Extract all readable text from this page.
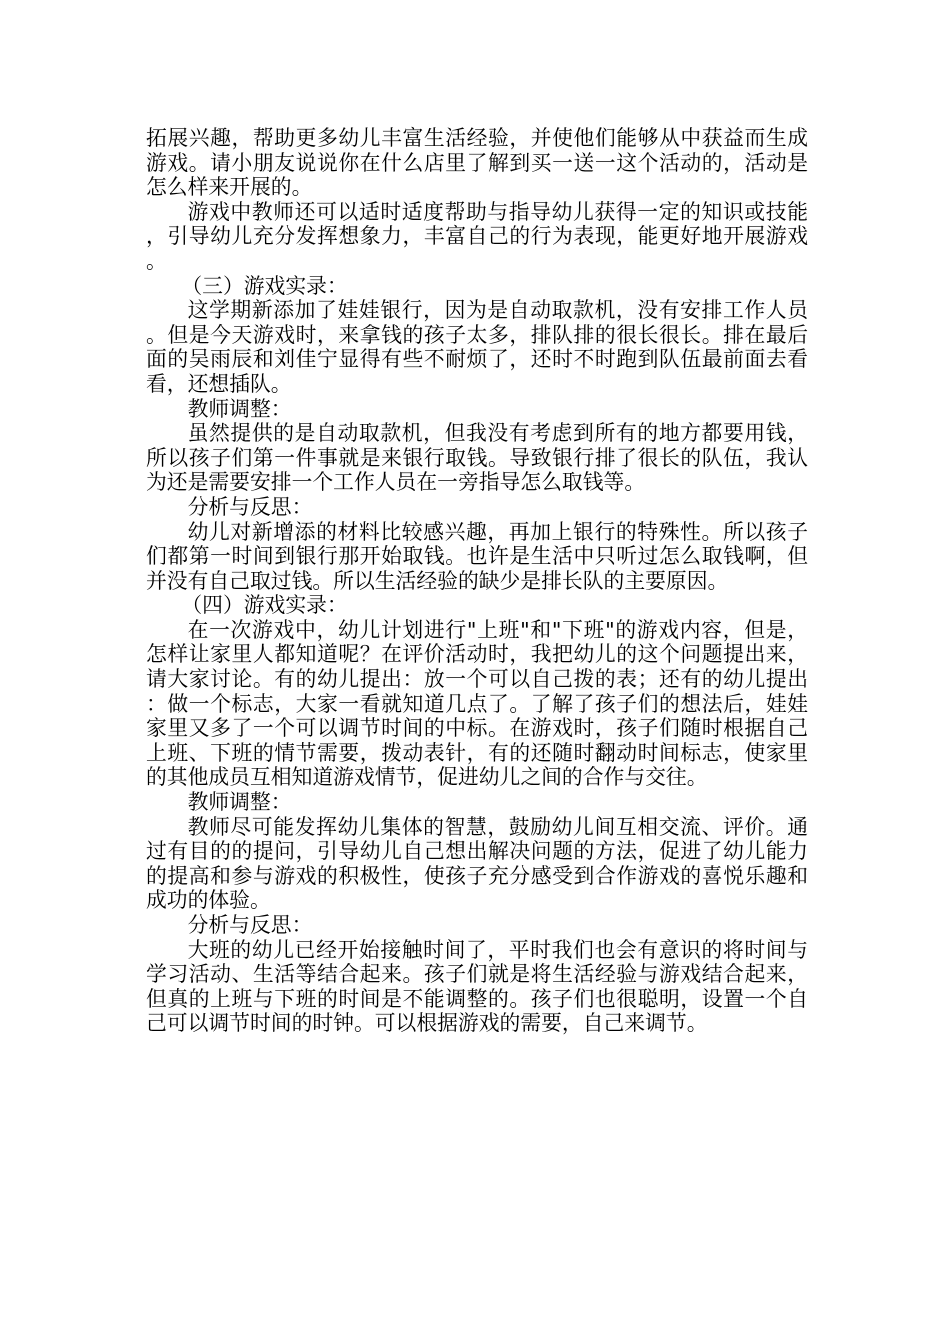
拓展兴趣，帮助更多幼儿丰富生活经验，并使他们能够从中获益而生成游戏。请小朋友说说你在什么店里了解到买一送一这个活动的，活动是怎么样来开展的。

游戏中教师还可以适时适度帮助与指导幼儿获得一定的知识或技能，引导幼儿充分发挥想象力，丰富自己的行为表现，能更好地开展游戏。

（三）游戏实录：

这学期新添加了娃娃银行，因为是自动取款机，没有安排工作人员。但是今天游戏时，来拿钱的孩子太多，排队排的很长很长。排在最后面的吴雨辰和刘佳宁显得有些不耐烦了，还时不时跑到队伍最前面去看看，还想插队。

教师调整：

虽然提供的是自动取款机，但我没有考虑到所有的地方都要用钱，所以孩子们第一件事就是来银行取钱。导致银行排了很长的队伍，我认为还是需要安排一个工作人员在一旁指导怎么取钱等。

分析与反思：

幼儿对新增添的材料比较感兴趣，再加上银行的特殊性。所以孩子们都第一时间到银行那开始取钱。也许是生活中只听过怎么取钱啊，但并没有自己取过钱。所以生活经验的缺少是排长队的主要原因。

（四）游戏实录：

在一次游戏中，幼儿计划进行"上班"和"下班"的游戏内容，但是，怎样让家里人都知道呢？在评价活动时，我把幼儿的这个问题提出来，请大家讨论。有的幼儿提出：放一个可以自己拨的表；还有的幼儿提出：做一个标志，大家一看就知道几点了。了解了孩子们的想法后，娃娃家里又多了一个可以调节时间的中标。在游戏时，孩子们随时根据自己上班、下班的情节需要，拨动表针，有的还随时翻动时间标志，使家里的其他成员互相知道游戏情节，促进幼儿之间的合作与交往。

教师调整：

教师尽可能发挥幼儿集体的智慧，鼓励幼儿间互相交流、评价。通过有目的的提问，引导幼儿自己想出解决问题的方法，促进了幼儿能力的提高和参与游戏的积极性，使孩子充分感受到合作游戏的喜悦乐趣和成功的体验。

分析与反思：

大班的幼儿已经开始接触时间了，平时我们也会有意识的将时间与学习活动、生活等结合起来。孩子们就是将生活经验与游戏结合起来，但真的上班与下班的时间是不能调整的。孩子们也很聪明，设置一个自己可以调节时间的时钟。可以根据游戏的需要，自己来调节。
